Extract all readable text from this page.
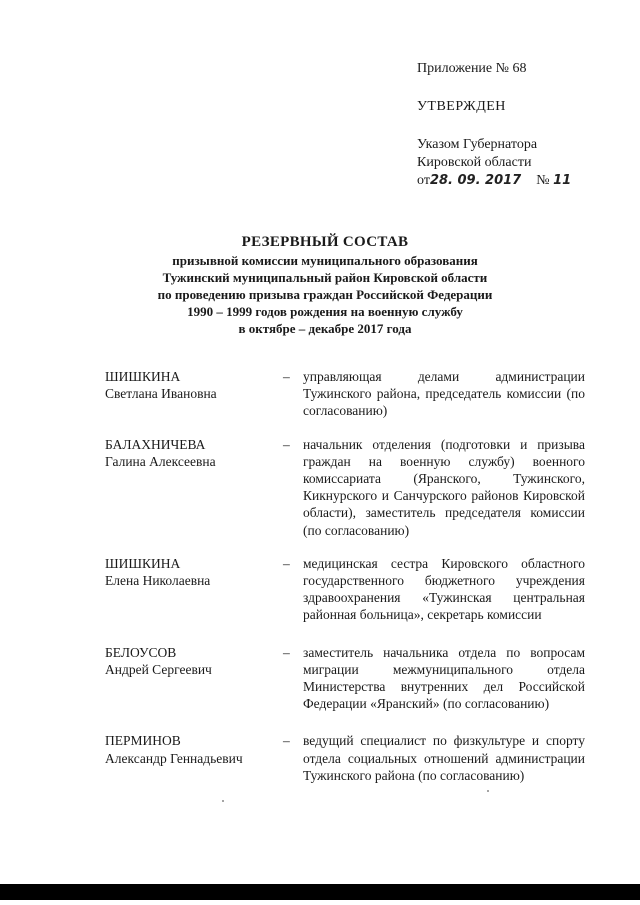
Приложение № 68

УТВЕРЖДЕН

Указом Губернатора

Кировской области

от28. 09. 2017 № 11

РЕЗЕРВНЫЙ СОСТАВ
призывной комиссии муниципального образования
Тужинский муниципальный район Кировской области
по проведению призыва граждан Российской Федерации
1990 – 1999 годов рождения на военную службу
в октябре – декабре 2017 года
ШИШКИНА
Светлана Ивановна
– управляющая делами администрации Тужинского района, председатель комиссии (по согласованию)
БАЛАХНИЧЕВА
Галина Алексеевна
– начальник отделения (подготовки и призыва граждан на военную службу) военного комиссариата (Яранского, Тужинского, Кикнурского и Санчурского районов Кировской области), заместитель председателя комиссии (по согласованию)
ШИШКИНА
Елена Николаевна
– медицинская сестра Кировского областного государственного бюджетного учреждения здравоохранения «Тужинская центральная районная больница», секретарь комиссии
БЕЛОУСОВ
Андрей Сергеевич
– заместитель начальника отдела по вопросам миграции межмуниципального отдела Министерства внутренних дел Российской Федерации «Яранский» (по согласованию)
ПЕРМИНОВ
Александр Геннадьевич
– ведущий специалист по физкультуре и спорту отдела социальных отношений администрации Тужинского района (по согласованию)
